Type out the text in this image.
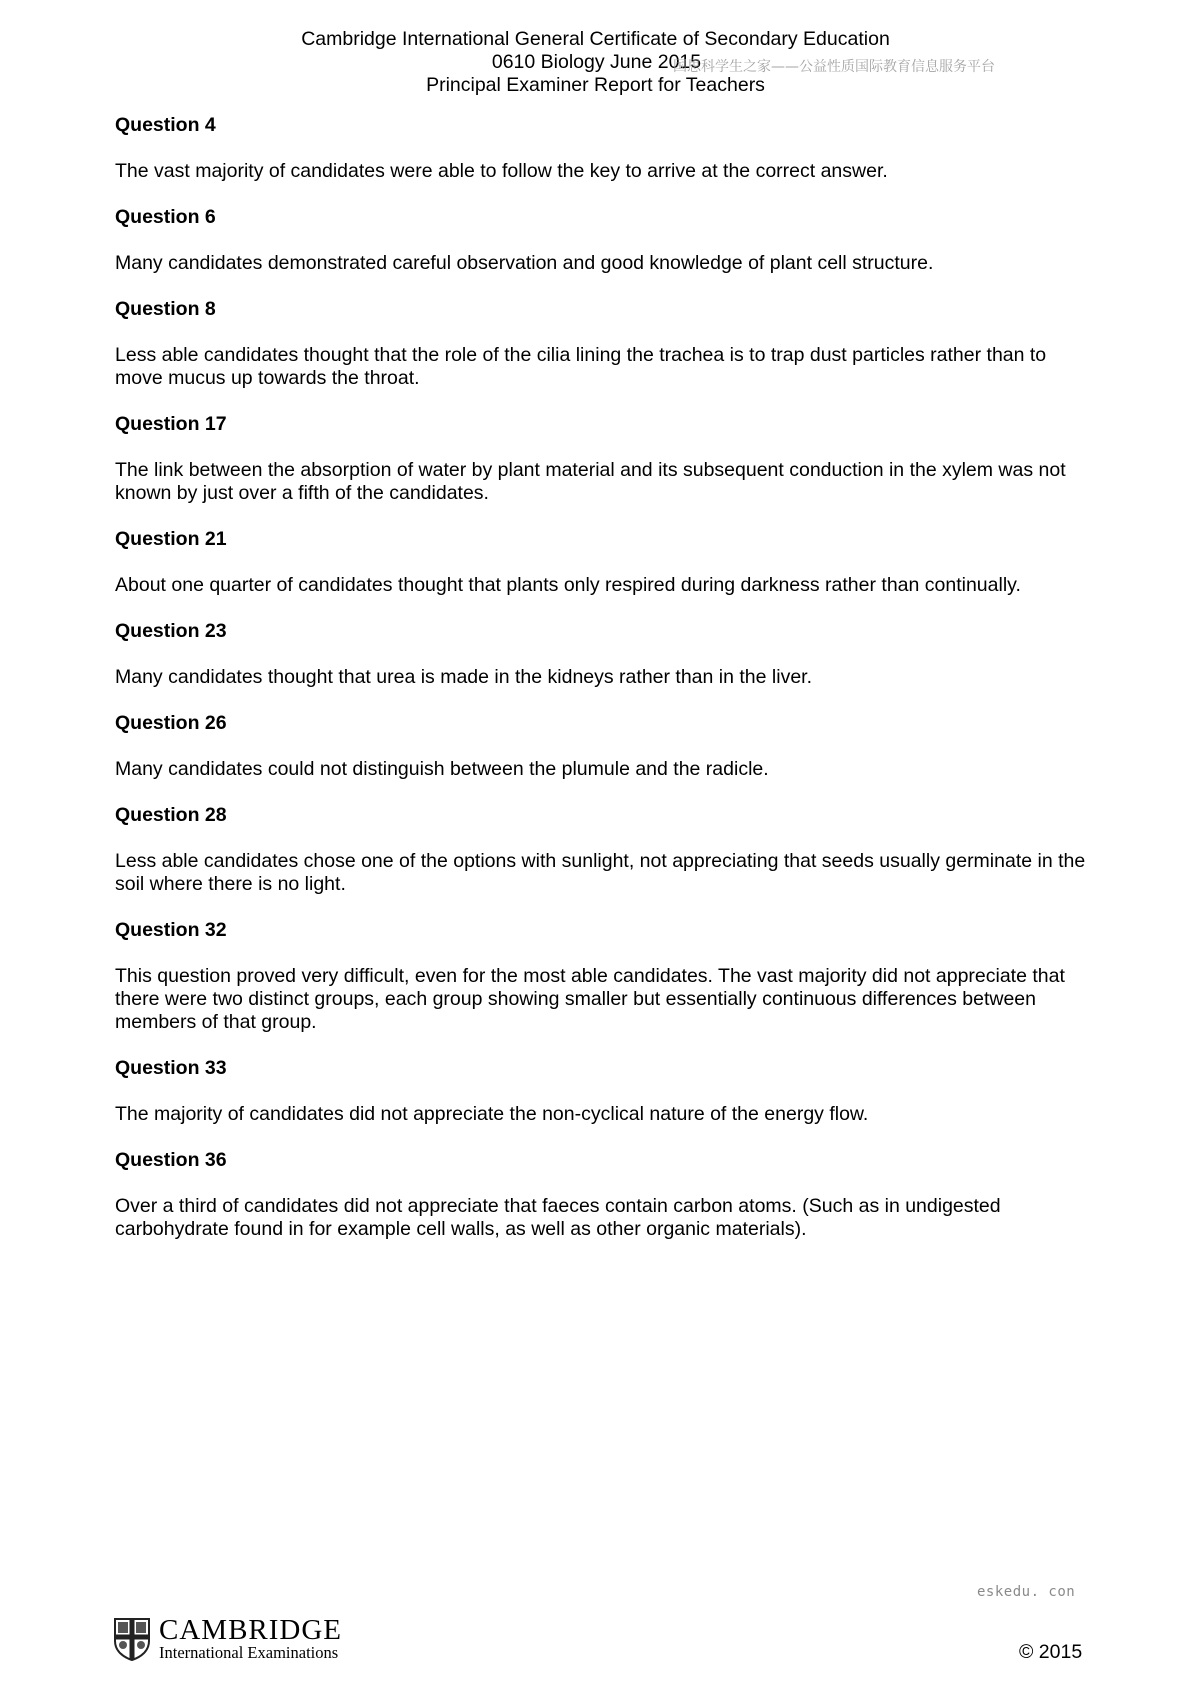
Cambridge International General Certificate of Secondary Education
0610 Biology June 2015
Principal Examiner Report for Teachers
国思科学生之家——公益性质国际教育信息服务平台

Question 4

The vast majority of candidates were able to follow the key to arrive at the correct answer.

Question 6

Many candidates demonstrated careful observation and good knowledge of plant cell structure.

Question 8

Less able candidates thought that the role of the cilia lining the trachea is to trap dust particles rather than to move mucus up towards the throat.

Question 17

The link between the absorption of water by plant material and its subsequent conduction in the xylem was not known by just over a fifth of the candidates.

Question 21

About one quarter of candidates thought that plants only respired during darkness rather than continually.

Question 23

Many candidates thought that urea is made in the kidneys rather than in the liver.

Question 26

Many candidates could not distinguish between the plumule and the radicle.

Question 28

Less able candidates chose one of the options with sunlight, not appreciating that seeds usually germinate in the soil where there is no light.

Question 32

This question proved very difficult, even for the most able candidates. The vast majority did not appreciate that there were two distinct groups, each group showing smaller but essentially continuous differences between members of that group.

Question 33

The majority of candidates did not appreciate the non-cyclical nature of the energy flow.

Question 36

Over a third of candidates did not appreciate that faeces contain carbon atoms. (Such as in undigested carbohydrate found in for example cell walls, as well as other organic materials).

eskedu. con
CAMBRIDGE
International Examinations	© 2015
